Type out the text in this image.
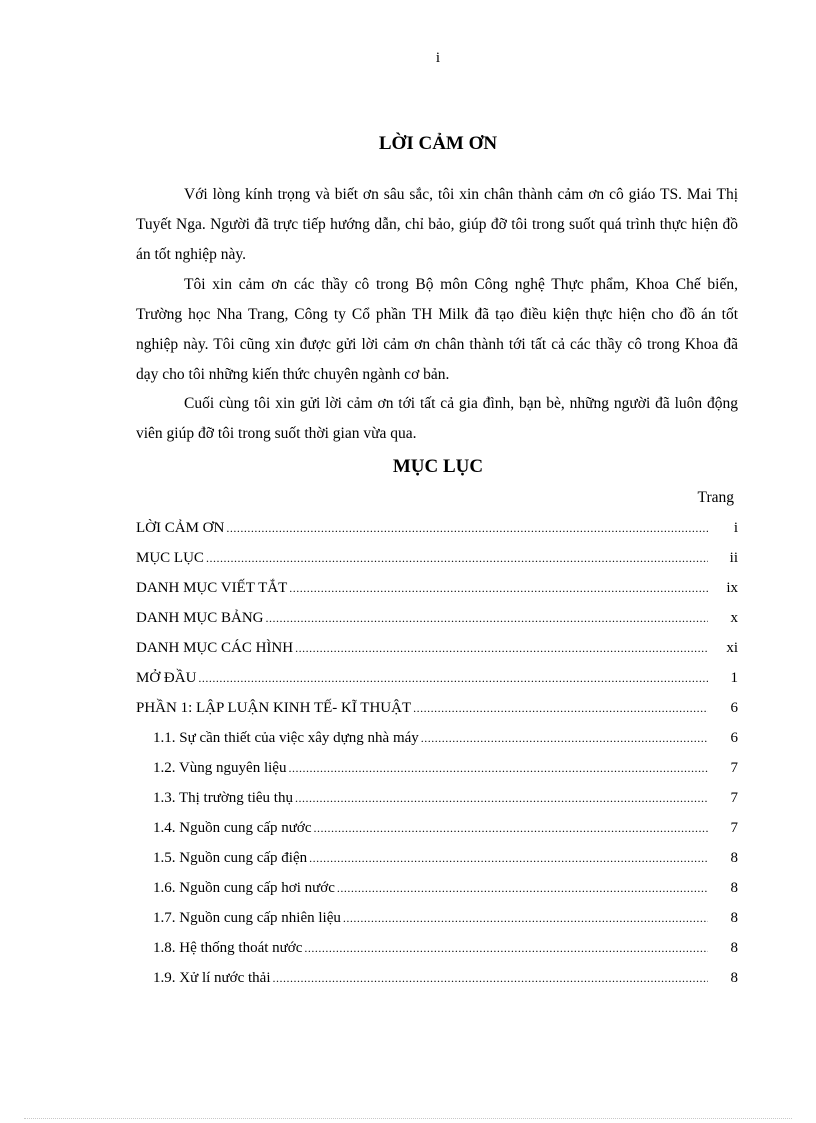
i
LỜI CẢM ƠN

Với lòng kính trọng và biết ơn sâu sắc, tôi xin chân thành cảm ơn cô giáo TS. Mai Thị Tuyết Nga. Người đã trực tiếp hướng dẫn, chỉ bảo, giúp đỡ tôi trong suốt quá trình thực hiện đồ án tốt nghiệp này.

Tôi xin cảm ơn các thầy cô trong Bộ môn Công nghệ Thực phẩm, Khoa Chế biến, Trường học Nha Trang, Công ty Cổ phần TH Milk đã tạo điều kiện thực hiện cho đồ án tốt nghiệp này. Tôi cũng xin được gửi lời cảm ơn chân thành tới tất cả các thầy cô trong Khoa đã dạy cho tôi những kiến thức chuyên ngành cơ bản.

Cuối cùng tôi xin gửi lời cảm ơn tới tất cả gia đình, bạn bè, những người đã luôn động viên giúp đỡ tôi trong suốt thời gian vừa qua.

MỤC LỤC
Trang
LỜI CẢM ƠN .....	i
MỤC LỤC .....	ii
DANH MỤC VIẾT TẮT .....	ix
DANH MỤC BẢNG .....	x
DANH MỤC CÁC HÌNH .....	xi
MỞ ĐẦU .....	1
PHẦN 1: LẬP LUẬN KINH TẾ- KĨ THUẬT .....	6
1.1. Sự cần thiết của việc xây dựng nhà máy .....	6
1.2. Vùng nguyên liệu .....	7
1.3. Thị trường tiêu thụ .....	7
1.4. Nguồn cung cấp nước .....	7
1.5. Nguồn cung cấp điện .....	8
1.6. Nguồn cung cấp hơi nước .....	8
1.7. Nguồn cung cấp nhiên liệu .....	8
1.8. Hệ thống thoát nước .....	8
1.9. Xử lí nước thải .....	8
